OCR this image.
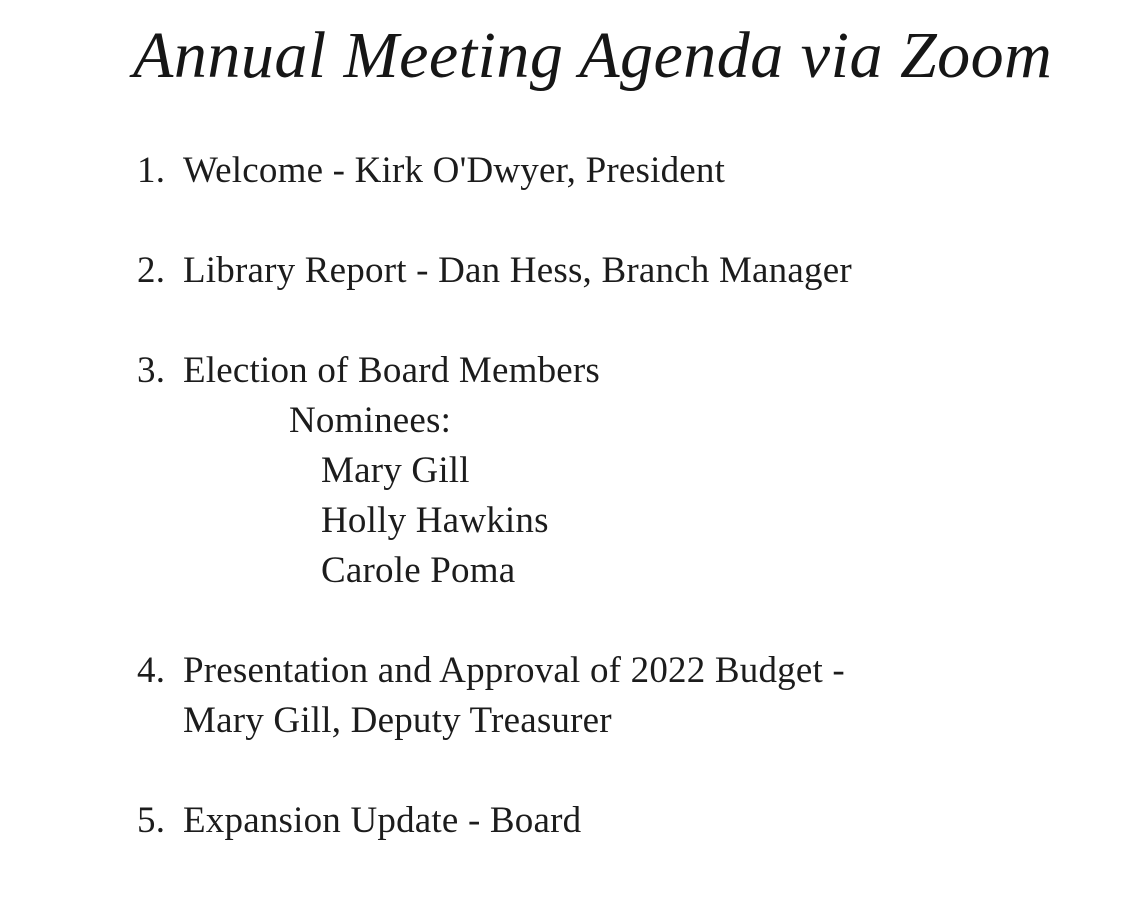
Annual Meeting Agenda via Zoom
1. Welcome - Kirk O'Dwyer, President
2. Library Report - Dan Hess, Branch Manager
3. Election of Board Members
Nominees:
Mary Gill
Holly Hawkins
Carole Poma
4. Presentation and Approval of 2022 Budget -
Mary Gill, Deputy Treasurer
5. Expansion Update - Board
